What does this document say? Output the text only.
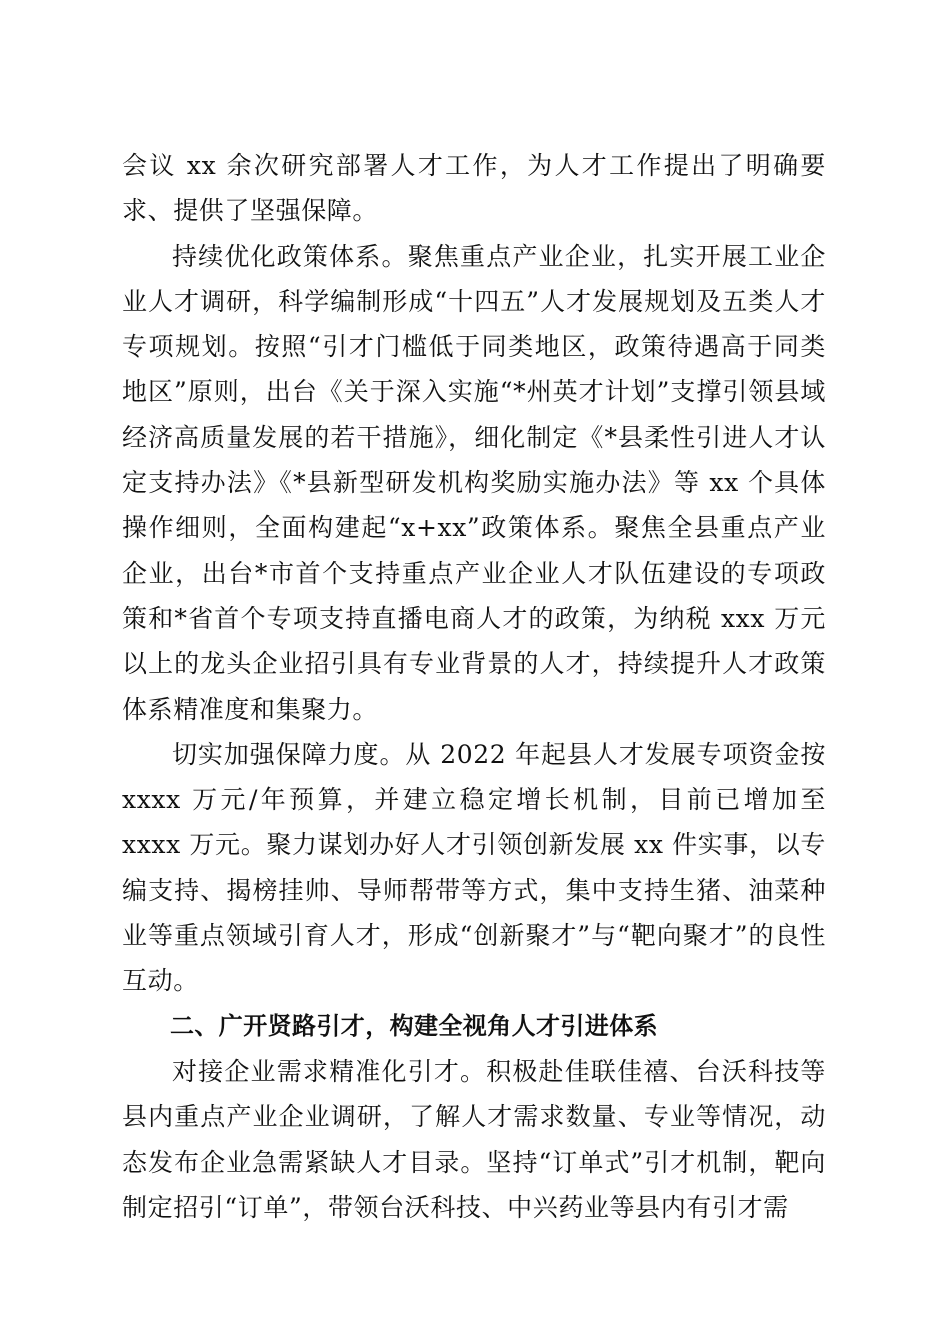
会议 xx 余次研究部署人才工作，为人才工作提出了明确要求、提供了坚强保障。

持续优化政策体系。聚焦重点产业企业，扎实开展工业企业人才调研，科学编制形成“十四五”人才发展规划及五类人才专项规划。按照“引才门槛低于同类地区，政策待遇高于同类地区”原则，出台《关于深入实施“*州英才计划”支撑引领县域经济高质量发展的若干措施》，细化制定《*县柔性引进人才认定支持办法》《*县新型研发机构奖励实施办法》等 xx 个具体操作细则，全面构建起“x+xx”政策体系。聚焦全县重点产业企业，出台*市首个支持重点产业企业人才队伍建设的专项政策和*省首个专项支持直播电商人才的政策，为纳税 xxx 万元以上的龙头企业招引具有专业背景的人才，持续提升人才政策体系精准度和集聚力。

切实加强保障力度。从 2022 年起县人才发展专项资金按 xxxx 万元/年预算，并建立稳定增长机制，目前已增加至 xxxx 万元。聚力谋划办好人才引领创新发展 xx 件实事，以专编支持、揭榜挂帅、导师帮带等方式，集中支持生猪、油菜种业等重点领域引育人才，形成“创新聚才”与“靶向聚才”的良性互动。

二、广开贤路引才，构建全视角人才引进体系

对接企业需求精准化引才。积极赴佳联佳禧、台沃科技等县内重点产业企业调研，了解人才需求数量、专业等情况，动态发布企业急需紧缺人才目录。坚持“订单式”引才机制，靶向制定招引“订单”，带领台沃科技、中兴药业等县内有引才需
